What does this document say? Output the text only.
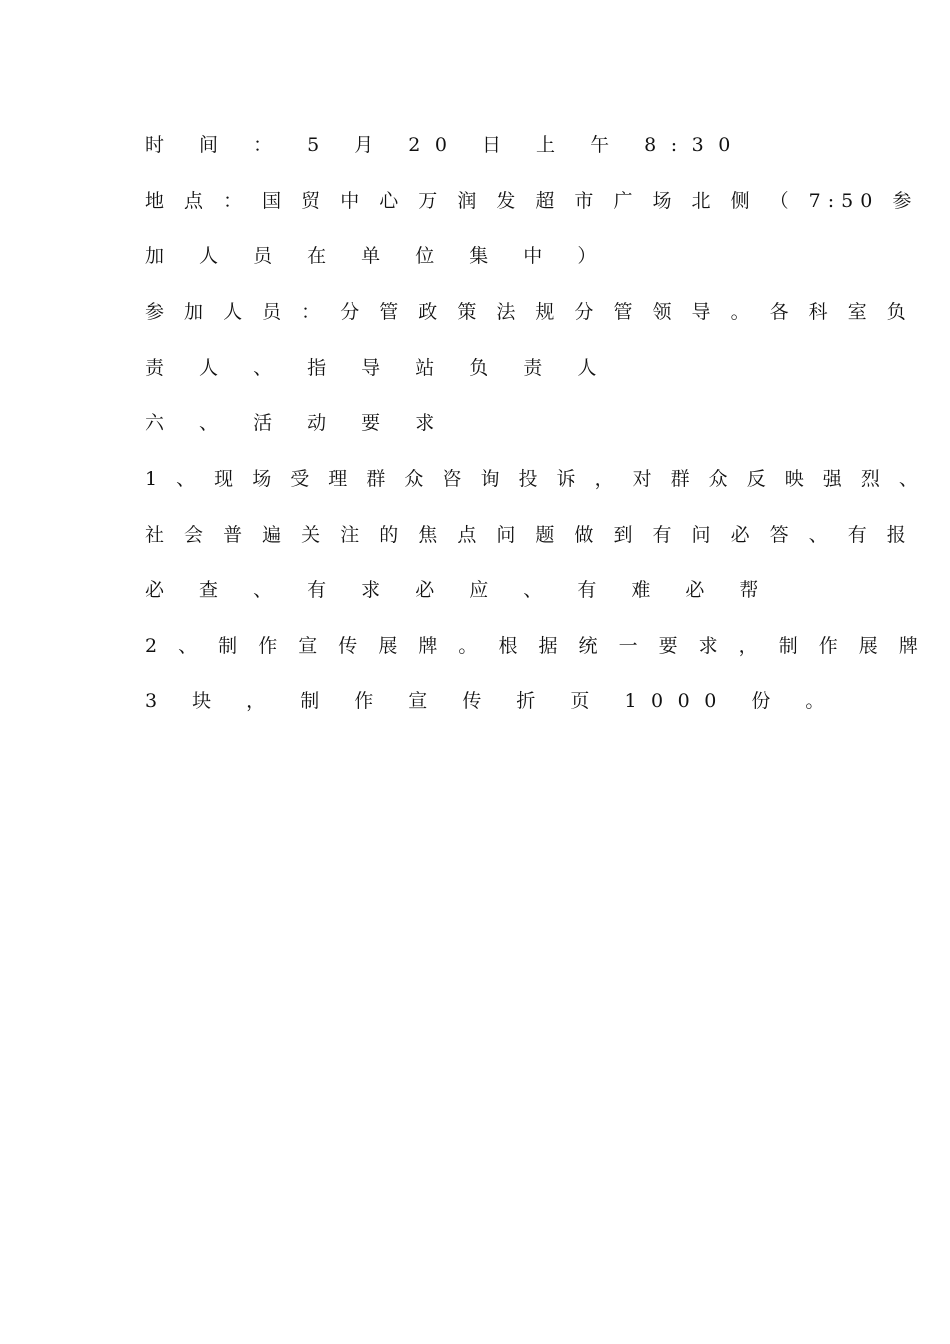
时 间 ： 5 月 20 日 上 午 8:30
地 点 ： 国 贸 中 心 万 润 发 超 市 广 场 北 侧 （ 7:50 参
加 人 员 在 单 位 集 中 ）
参 加 人 员 ： 分 管 政 策 法 规 分 管 领 导 。 各 科 室 负
责 人 、 指 导 站 负 责 人
六 、 活 动 要 求
1 、 现 场 受 理 群 众 咨 询 投 诉 ， 对 群 众 反 映 强 烈 、
社 会 普 遍 关 注 的 焦 点 问 题 做 到 有 问 必 答 、 有 报
必 查 、 有 求 必 应 、 有 难 必 帮
2 、 制 作 宣 传 展 牌 。 根 据 统 一 要 求 ， 制 作 展 牌
3 块 ， 制 作 宣 传 折 页 1000 份 。
